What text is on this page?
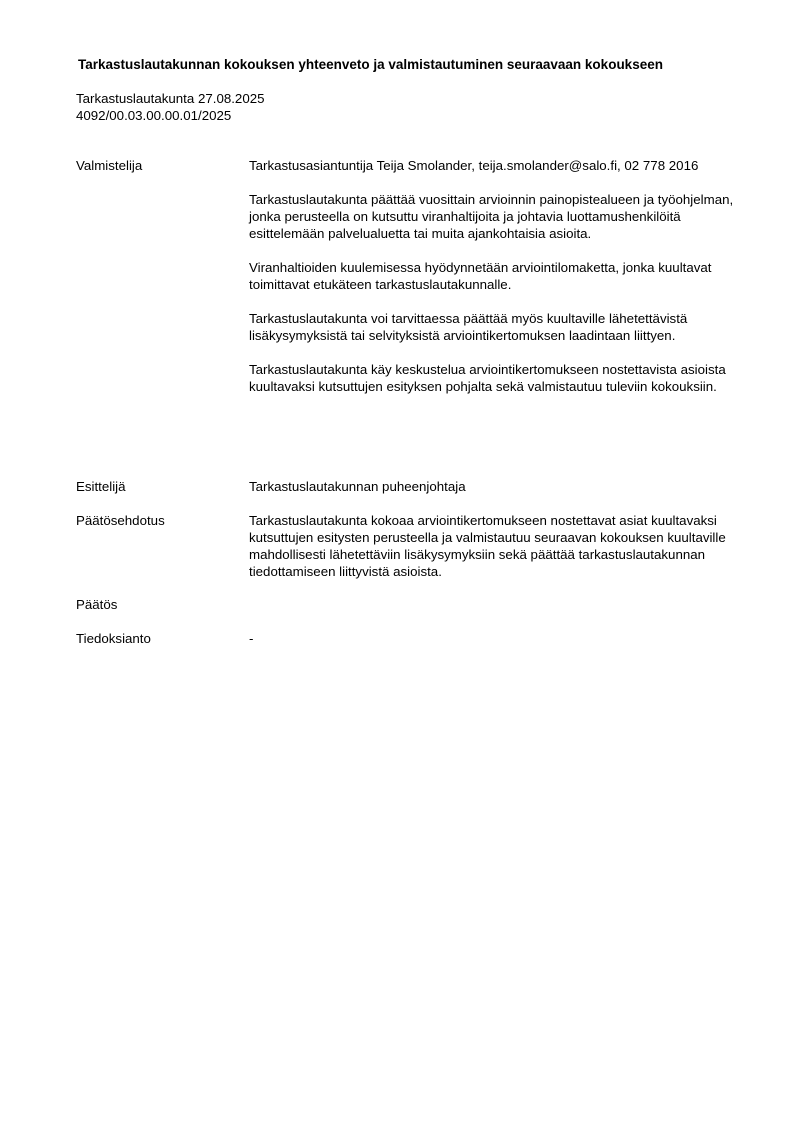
Tarkastuslautakunnan kokouksen yhteenveto ja valmistautuminen seuraavaan kokoukseen
Tarkastuslautakunta 27.08.2025
4092/00.03.00.00.01/2025
Valmistelija	Tarkastusasiantuntija Teija Smolander, teija.smolander@salo.fi, 02 778 2016

Tarkastuslautakunta päättää vuosittain arvioinnin painopistealueen ja työohjelman, jonka perusteella on kutsuttu viranhaltijoita ja johtavia luottamushenkilöitä esittelemään palvelualuetta tai muita ajankohtaisia asioita.

Viranhaltioiden kuulemisessa hyödynnetään arviointilomaketta, jonka kuultavat toimittavat etukäteen tarkastuslautakunnalle.

Tarkastuslautakunta voi tarvittaessa päättää myös kuultaville lähetettävistä lisäkysymyksistä tai selvityksistä arviointikertomuksen laadintaan liittyen.

Tarkastuslautakunta käy keskustelua arviointikertomukseen nostettavista asioista kuultavaksi kutsuttujen esityksen pohjalta sekä valmistautuu tuleviin kokouksiin.

Esittelijä	Tarkastuslautakunnan puheenjohtaja
Päätösehdotus	Tarkastuslautakunta kokoaa arviointikertomukseen nostettavat asiat kuultavaksi kutsuttujen esitysten perusteella ja valmistautuu seuraavan kokouksen kuultaville mahdollisesti lähetettäviin lisäkysymyksiin sekä päättää tarkastuslautakunnan tiedottamiseen liittyvistä asioista.
Päätös
Tiedoksianto	-
